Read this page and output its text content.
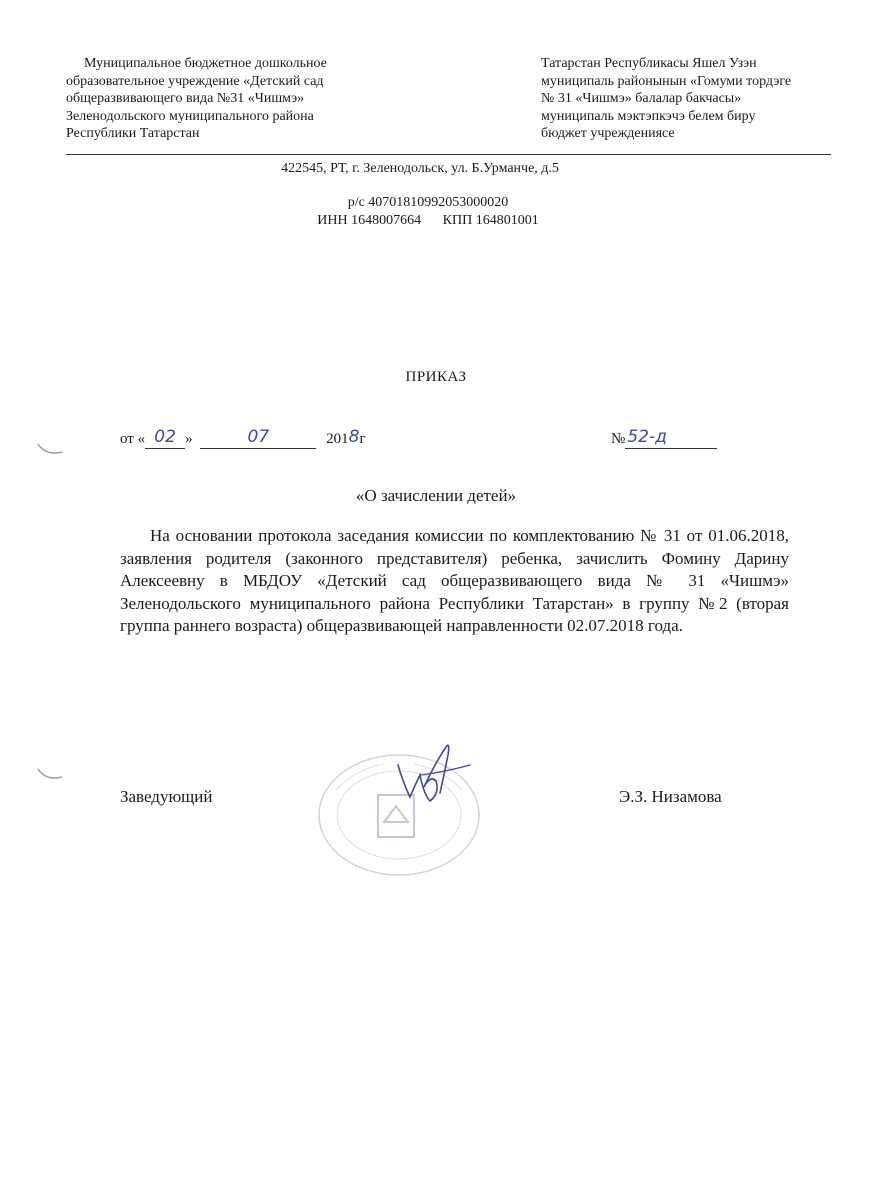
Муниципальное бюджетное дошкольное
образовательное учреждение «Детский сад
общеразвивающего вида №31 «Чишмэ»
Зеленодольского муниципального района
Республики Татарстан
Татарстан Республикасы Яшел Узэн
муниципаль районынын «Гомуми тордэге
№ 31 «Чишмэ» балалар бакчасы»
муниципаль мэктэпкэчэ белем биру
бюджет учреждениясе
422545, РТ, г. Зеленодольск, ул. Б.Урманче, д.5
р/с 40701810992053000020
ИНН 1648007664 КПП 164801001
ПРИКАЗ
от « 02 »	07	2018г	№ 52-д
«О зачислении детей»
На основании протокола заседания комиссии по комплектованию № 31 от 01.06.2018, заявления родителя (законного представителя) ребенка, зачислить Фомину Дарину Алексеевну в МБДОУ «Детский сад общеразвивающего вида № 31 «Чишмэ» Зеленодольского муниципального района Республики Татарстан» в группу №2 (вторая группа раннего возраста) общеразвивающей направленности 02.07.2018 года.
Заведующий	Э.З. Низамова
